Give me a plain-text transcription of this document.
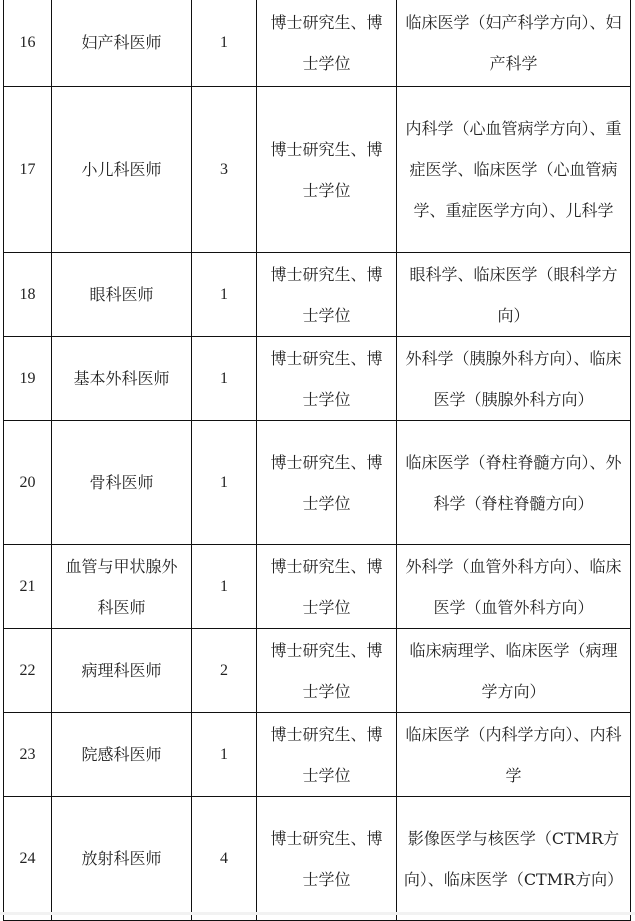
16	妇产科医师	1	博士研究生、博士学位	临床医学（妇产科学方向）、妇产科学
17	小儿科医师	3	博士研究生、博士学位	内科学（心血管病学方向）、重症医学、临床医学（心血管病学、重症医学方向）、儿科学
18	眼科医师	1	博士研究生、博士学位	眼科学、临床医学（眼科学方向）
19	基本外科医师	1	博士研究生、博士学位	外科学（胰腺外科方向）、临床医学（胰腺外科方向）
20	骨科医师	1	博士研究生、博士学位	临床医学（脊柱脊髓方向）、外科学（脊柱脊髓方向）
21	血管与甲状腺外科医师	1	博士研究生、博士学位	外科学（血管外科方向）、临床医学（血管外科方向）
22	病理科医师	2	博士研究生、博士学位	临床病理学、临床医学（病理学方向）
23	院感科医师	1	博士研究生、博士学位	临床医学（内科学方向）、内科学
24	放射科医师	4	博士研究生、博士学位	影像医学与核医学（CTMR方向）、临床医学（CTMR方向）
